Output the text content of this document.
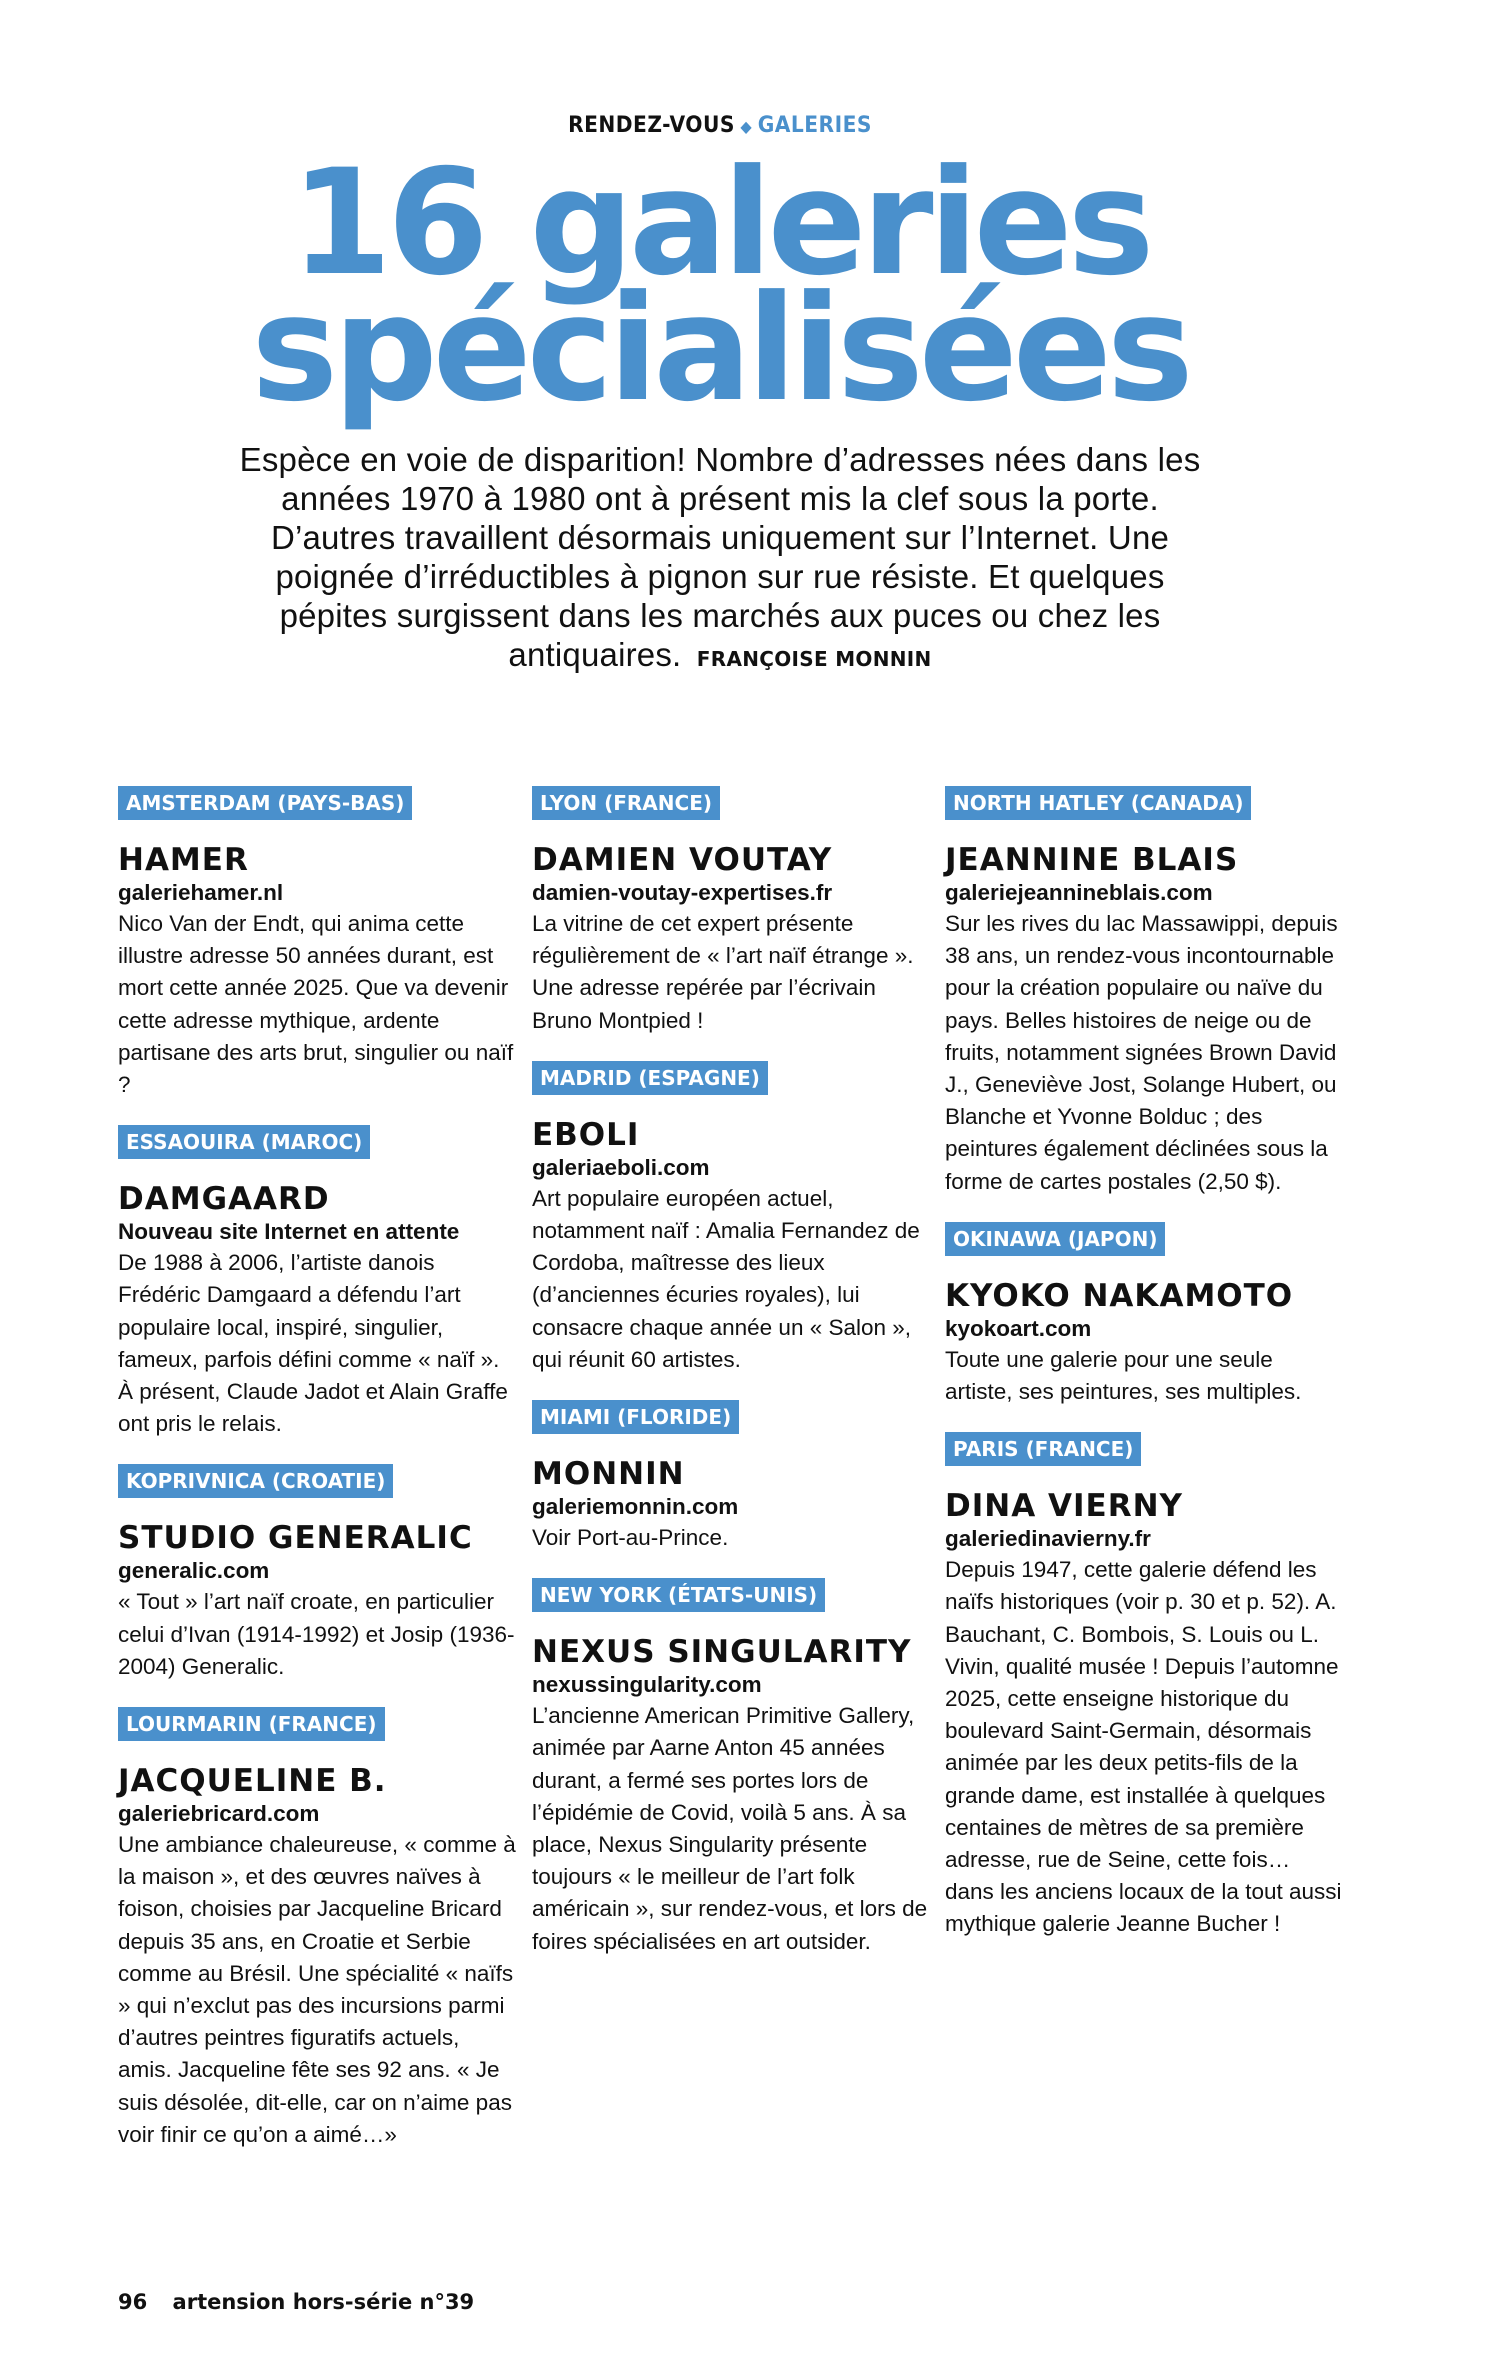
RENDEZ-VOUS ◆ GALERIES
16 galeries
spécialisées

Espèce en voie de disparition! Nombre d’adresses nées dans les années 1970 à 1980 ont à présent mis la clef sous la porte. D’autres travaillent désormais uniquement sur l’Internet. Une poignée d’irréductibles à pignon sur rue résiste. Et quelques pépites surgissent dans les marchés aux puces ou chez les antiquaires. FRANÇOISE MONNIN

AMSTERDAM (PAYS-BAS)
HAMER
galeriehamer.nl
Nico Van der Endt, qui anima cette illustre adresse 50 années durant, est mort cette année 2025. Que va devenir cette adresse mythique, ardente partisane des arts brut, singulier ou naïf ?
ESSAOUIRA (MAROC)
DAMGAARD
Nouveau site Internet en attente
De 1988 à 2006, l’artiste danois Frédéric Damgaard a défendu l’art populaire local, inspiré, singulier, fameux, parfois défini comme « naïf ». À présent, Claude Jadot et Alain Graffe ont pris le relais.
KOPRIVNICA (CROATIE)
STUDIO GENERALIC
generalic.com
« Tout » l’art naïf croate, en particulier celui d’Ivan (1914-1992) et Josip (1936-2004) Generalic.
LOURMARIN (FRANCE)
JACQUELINE B.
galeriebricard.com
Une ambiance chaleureuse, « comme à la maison », et des œuvres naïves à foison, choisies par Jacqueline Bricard depuis 35 ans, en Croatie et Serbie comme au Brésil. Une spécialité « naïfs » qui n’exclut pas des incursions parmi d’autres peintres figuratifs actuels, amis. Jacqueline fête ses 92 ans. « Je suis désolée, dit-elle, car on n’aime pas voir finir ce qu’on a aimé…»
LYON (FRANCE)
DAMIEN VOUTAY
damien-voutay-expertises.fr
La vitrine de cet expert présente régulièrement de « l’art naïf étrange ». Une adresse repérée par l’écrivain Bruno Montpied !
MADRID (ESPAGNE)
EBOLI
galeriaeboli.com
Art populaire européen actuel, notamment naïf : Amalia Fernandez de Cordoba, maîtresse des lieux (d’anciennes écuries royales), lui consacre chaque année un « Salon », qui réunit 60 artistes.
MIAMI (FLORIDE)
MONNIN
galeriemonnin.com
Voir Port-au-Prince.
NEW YORK (ÉTATS-UNIS)
NEXUS SINGULARITY
nexussingularity.com
L’ancienne American Primitive Gallery, animée par Aarne Anton 45 années durant, a fermé ses portes lors de l’épidémie de Covid, voilà 5 ans. À sa place, Nexus Singularity présente toujours « le meilleur de l’art folk américain », sur rendez-vous, et lors de foires spécialisées en art outsider.
NORTH HATLEY (CANADA)
JEANNINE BLAIS
galeriejeannineblais.com
Sur les rives du lac Massawippi, depuis 38 ans, un rendez-vous incontournable pour la création populaire ou naïve du pays. Belles histoires de neige ou de fruits, notamment signées Brown David J., Geneviève Jost, Solange Hubert, ou Blanche et Yvonne Bolduc ; des peintures également déclinées sous la forme de cartes postales (2,50 $).
OKINAWA (JAPON)
KYOKO NAKAMOTO
kyokoart.com
Toute une galerie pour une seule artiste, ses peintures, ses multiples.
PARIS (FRANCE)
DINA VIERNY
galeriedinavierny.fr
Depuis 1947, cette galerie défend les naïfs historiques (voir p. 30 et p. 52). A. Bauchant, C. Bombois, S. Louis ou L. Vivin, qualité musée ! Depuis l’automne 2025, cette enseigne historique du boulevard Saint-Germain, désormais animée par les deux petits-fils de la grande dame, est installée à quelques centaines de mètres de sa première adresse, rue de Seine, cette fois… dans les anciens locaux de la tout aussi mythique galerie Jeanne Bucher !
96 artension hors-série n°39
